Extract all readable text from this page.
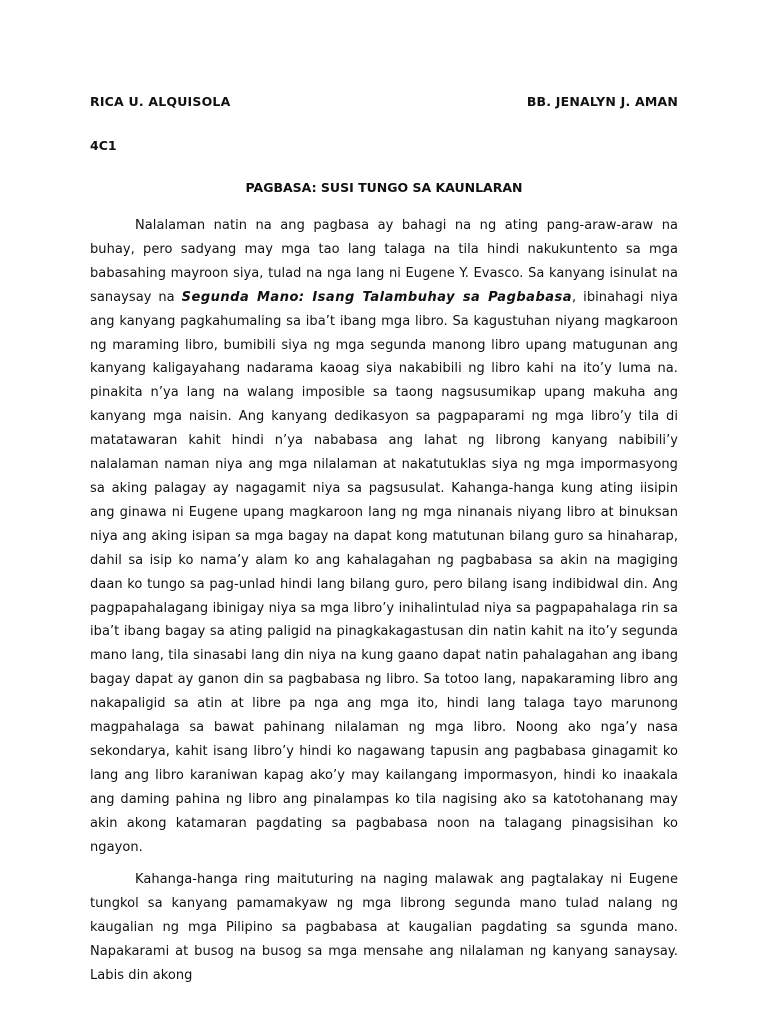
RICA U. ALQUISOLA	BB. JENALYN J. AMAN
4C1
PAGBASA: SUSI TUNGO SA KAUNLARAN

Nalalaman natin na ang pagbasa ay bahagi na ng ating pang-araw-araw na buhay, pero sadyang may mga tao lang talaga na tila hindi nakukuntento sa mga babasahing mayroon siya, tulad na nga lang ni Eugene Y. Evasco. Sa kanyang isinulat na sanaysay na Segunda Mano: Isang Talambuhay sa Pagbabasa, ibinahagi niya ang kanyang pagkahumaling sa iba’t ibang mga libro. Sa kagustuhan niyang magkaroon ng maraming libro, bumibili siya ng mga segunda manong libro upang matugunan ang kanyang kaligayahang nadarama kaoag siya nakabibili ng libro kahi na ito’y luma na. pinakita n’ya lang na walang imposible sa taong nagsusumikap upang makuha ang kanyang mga naisin. Ang kanyang dedikasyon sa pagpaparami ng mga libro’y tila di matatawaran kahit hindi n’ya nababasa ang lahat ng librong kanyang nabibili’y nalalaman naman niya ang mga nilalaman at nakatutuklas siya ng mga impormasyong sa aking palagay ay nagagamit niya sa pagsusulat. Kahanga-hanga kung ating iisipin ang ginawa ni Eugene upang magkaroon lang ng mga ninanais niyang libro at binuksan niya ang aking isipan sa mga bagay na dapat kong matutunan bilang guro sa hinaharap, dahil sa isip ko nama’y alam ko ang kahalagahan ng pagbabasa sa akin na magiging daan ko tungo sa pag-unlad hindi lang bilang guro, pero bilang isang indibidwal din. Ang pagpapahalagang ibinigay niya sa mga libro’y inihalintulad niya sa pagpapahalaga rin sa iba’t ibang bagay sa ating paligid na pinagkakagastusan din natin kahit na ito’y segunda mano lang, tila sinasabi lang din niya na kung gaano dapat natin pahalagahan ang ibang bagay dapat ay ganon din sa pagbabasa ng libro. Sa totoo lang, napakaraming libro ang nakapaligid sa atin at libre pa nga ang mga ito, hindi lang talaga tayo marunong magpahalaga sa bawat pahinang nilalaman ng mga libro. Noong ako nga’y nasa sekondarya, kahit isang libro’y hindi ko nagawang tapusin ang pagbabasa ginagamit ko lang ang libro karaniwan kapag ako’y may kailangang impormasyon, hindi ko inaakala ang daming pahina ng libro ang pinalampas ko tila nagising ako sa katotohanang may akin akong katamaran pagdating sa pagbabasa noon na talagang pinagsisihan ko ngayon.

Kahanga-hanga ring maituturing na naging malawak ang pagtalakay ni Eugene tungkol sa kanyang pamamakyaw ng mga librong segunda mano tulad nalang ng kaugalian ng mga Pilipino sa pagbabasa at kaugalian pagdating sa sgunda mano. Napakarami at busog na busog sa mga mensahe ang nilalaman ng kanyang sanaysay. Labis din akong
